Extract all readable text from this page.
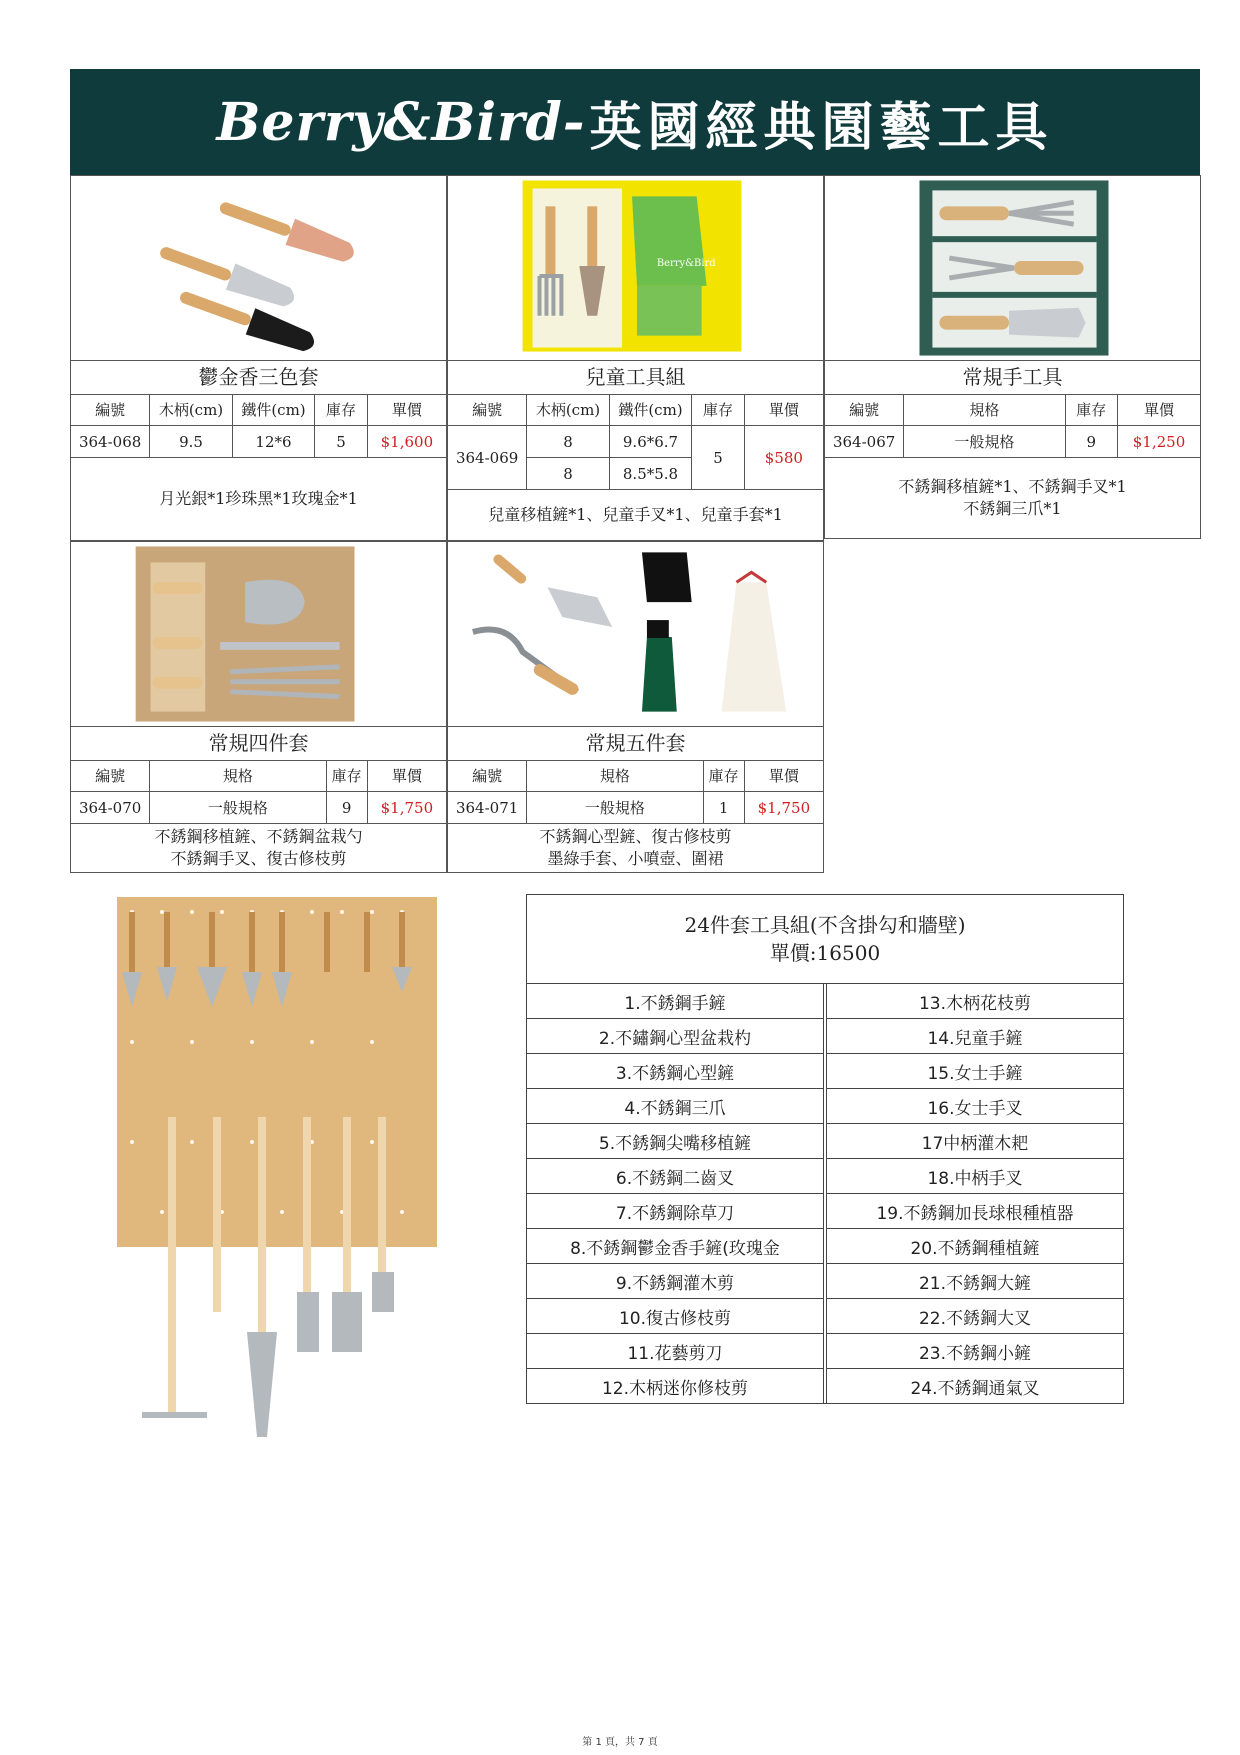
Berry&Bird- 英國經典園藝工具
鬱金香三色套
編號	木柄(cm)	鐵件(cm)	庫存	單價
364-068	9.5	12*6	5	$1,600
月光銀*1珍珠黑*1玫瑰金*1
Berry&Bird
兒童工具組
編號	木柄(cm)	鐵件(cm)	庫存	單價
364-069	8	9.6*6.7	5	$580
	8	8.5*5.8		
兒童移植鏟*1、兒童手叉*1、兒童手套*1
常規手工具
編號	規格	庫存	單價
364-067	一般規格	9	$1,250
不銹鋼移植鏟*1、不銹鋼手叉*1
不銹鋼三爪*1
常規四件套
編號	規格	庫存	單價
364-070	一般規格	9	$1,750
不銹鋼移植鏟、不銹鋼盆栽勺
不銹鋼手叉、復古修枝剪
常規五件套
編號	規格	庫存	單價
364-071	一般規格	1	$1,750
不銹鋼心型鏟、復古修枝剪
墨綠手套、小噴壺、圍裙
24件套工具組(不含掛勾和牆壁)
單價:16500
1.不銹鋼手鏟	13.木柄花枝剪
2.不鏽鋼心型盆栽杓	14.兒童手鏟
3.不銹鋼心型鏟	15.女士手鏟
4.不銹鋼三爪	16.女士手叉
5.不銹鋼尖嘴移植鏟	17中柄灌木耙
6.不銹鋼二齒叉	18.中柄手叉
7.不銹鋼除草刀	19.不銹鋼加長球根種植器
8.不銹鋼鬱金香手鏟(玫瑰金	20.不銹鋼種植鏟
9.不銹鋼灌木剪	21.不銹鋼大鏟
10.復古修枝剪	22.不銹鋼大叉
11.花藝剪刀	23.不銹鋼小鏟
12.木柄迷你修枝剪	24.不銹鋼通氣叉
第 1 頁，共 7 頁
